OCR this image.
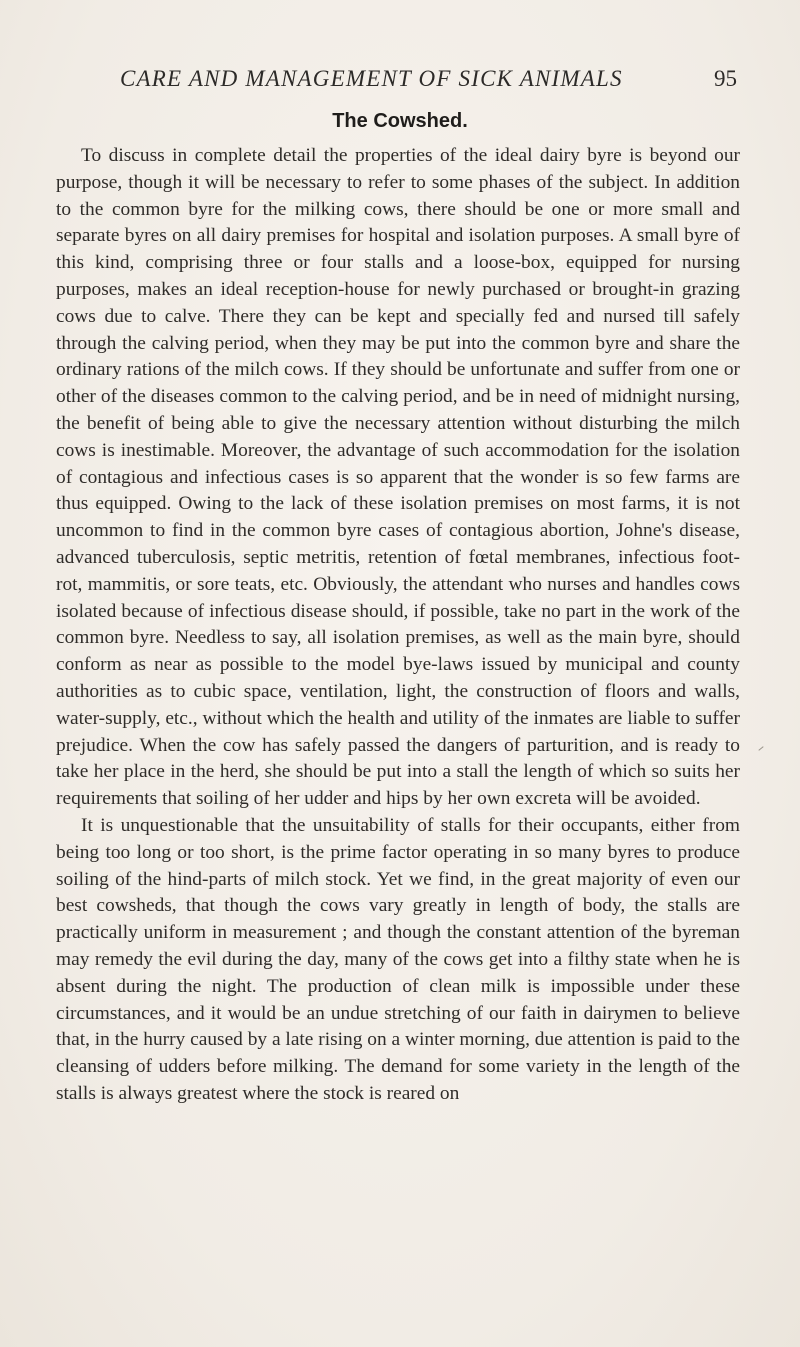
CARE AND MANAGEMENT OF SICK ANIMALS	95
The Cowshed.

To discuss in complete detail the properties of the ideal dairy byre is beyond our purpose, though it will be necessary to refer to some phases of the subject. In addition to the common byre for the milking cows, there should be one or more small and separate byres on all dairy premises for hospital and isolation purposes. A small byre of this kind, comprising three or four stalls and a loose-box, equipped for nursing purposes, makes an ideal reception-house for newly purchased or brought-in grazing cows due to calve. There they can be kept and specially fed and nursed till safely through the calving period, when they may be put into the common byre and share the ordinary rations of the milch cows. If they should be unfortunate and suffer from one or other of the diseases common to the calving period, and be in need of midnight nursing, the benefit of being able to give the necessary attention without disturbing the milch cows is inestimable. Moreover, the advantage of such accommodation for the isolation of contagious and infectious cases is so apparent that the wonder is so few farms are thus equipped. Owing to the lack of these isolation premises on most farms, it is not uncommon to find in the common byre cases of contagious abortion, Johne's disease, advanced tuberculosis, septic metritis, retention of fœtal membranes, infectious foot-rot, mammitis, or sore teats, etc. Obviously, the attendant who nurses and handles cows isolated because of infectious disease should, if possible, take no part in the work of the common byre. Needless to say, all isolation premises, as well as the main byre, should conform as near as possible to the model bye-laws issued by municipal and county authorities as to cubic space, ventilation, light, the construction of floors and walls, water-supply, etc., without which the health and utility of the inmates are liable to suffer prejudice. When the cow has safely passed the dangers of parturition, and is ready to take her place in the herd, she should be put into a stall the length of which so suits her requirements that soiling of her udder and hips by her own excreta will be avoided.

It is unquestionable that the unsuitability of stalls for their occupants, either from being too long or too short, is the prime factor operating in so many byres to produce soiling of the hind-parts of milch stock. Yet we find, in the great majority of even our best cowsheds, that though the cows vary greatly in length of body, the stalls are practically uniform in measurement ; and though the constant attention of the byreman may remedy the evil during the day, many of the cows get into a filthy state when he is absent during the night. The production of clean milk is impossible under these circumstances, and it would be an undue stretching of our faith in dairymen to believe that, in the hurry caused by a late rising on a winter morning, due attention is paid to the cleansing of udders before milking. The demand for some variety in the length of the stalls is always greatest where the stock is reared on
